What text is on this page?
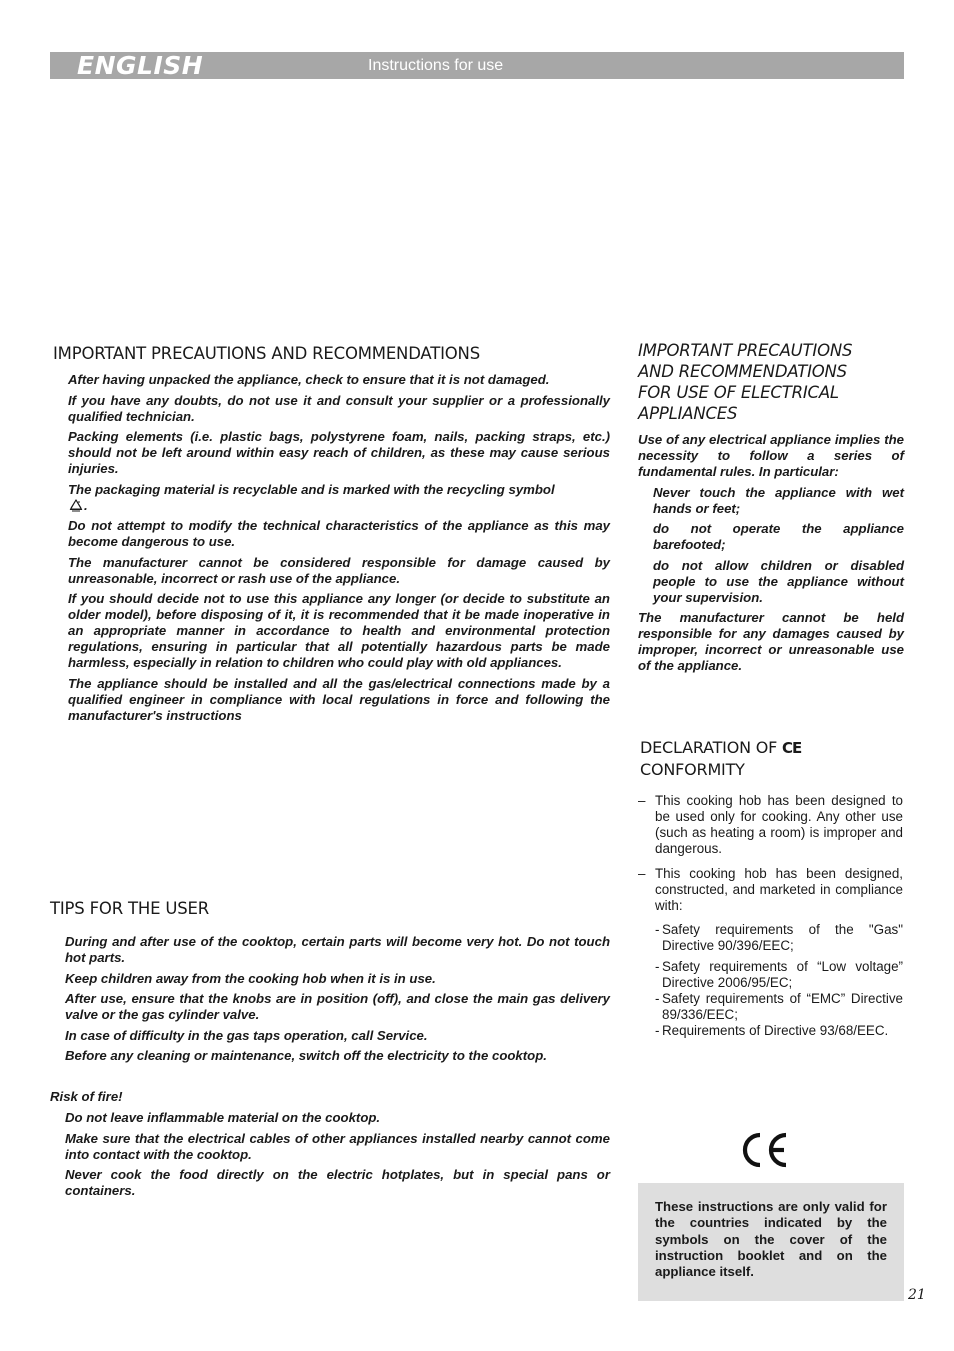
ENGLISH	Instructions for use
IMPORTANT PRECAUTIONS AND RECOMMENDATIONS

After having unpacked the appliance, check to ensure that it is not damaged.

If you have any doubts, do not use it and consult your supplier or a professionally qualified technician.

Packing elements (i.e. plastic bags, polystyrene foam, nails, packing straps, etc.) should not be left around within easy reach of children, as these may cause serious injuries.

The packaging material is recyclable and is marked with the recycling symbol
.

Do not attempt to modify the technical characteristics of the appliance as this may become dangerous to use.

The manufacturer cannot be considered responsible for damage caused by unreasonable, incorrect or rash use of the appliance.

If you should decide not to use this appliance any longer (or decide to substitute an older model), before disposing of it, it is recommended that it be made inoperative in an appropriate manner in accordance to health and environmental protection regulations, ensuring in particular that all potentially hazardous parts be made harmless, especially in relation to children who could play with old appliances.

The appliance should be installed and all the gas/electrical connections made by a qualified engineer in compliance with local regulations in force and following the manufacturer's instructions

TIPS FOR THE USER

During and after use of the cooktop, certain parts will become very hot. Do not touch hot parts.

Keep children away from the cooking hob when it is in use.

After use, ensure that the knobs are in position (off), and close the main gas delivery valve or the gas cylinder valve.

In case of difficulty in the gas taps operation, call Service.

Before any cleaning or maintenance, switch off the electricity to the cooktop.

Risk of fire!

Do not leave inflammable material on the cooktop.

Make sure that the electrical cables of other appliances installed nearby cannot come into contact with the cooktop.

Never cook the food directly on the electric hotplates, but in special pans or containers.

IMPORTANT PRECAUTIONS
AND RECOMMENDATIONS
FOR USE OF ELECTRICAL
APPLIANCES

Use of any electrical appliance implies the necessity to follow a series of fundamental rules. In particular:

Never touch the appliance with wet hands or feet;

do not operate the appliance barefooted;

do not allow children or disabled people to use the appliance without your supervision.

The manufacturer cannot be held responsible for any damages caused by improper, incorrect or unreasonable use of the appliance.

DECLARATION OF CE
CONFORMITY
– This cooking hob has been designed to be used only for cooking. Any other use (such as heating a room) is improper and dangerous.
– This cooking hob has been designed, constructed, and marketed in compliance with:
- Safety requirements of the "Gas" Directive 90/396/EEC;
- Safety requirements of “Low voltage” Directive 2006/95/EC;
- Safety requirements of “EMC” Directive 89/336/EEC;
- Requirements of Directive 93/68/EEC.

These instructions are only valid for the countries indicated by the symbols on the cover of the instruction booklet and on the appliance itself.

21
